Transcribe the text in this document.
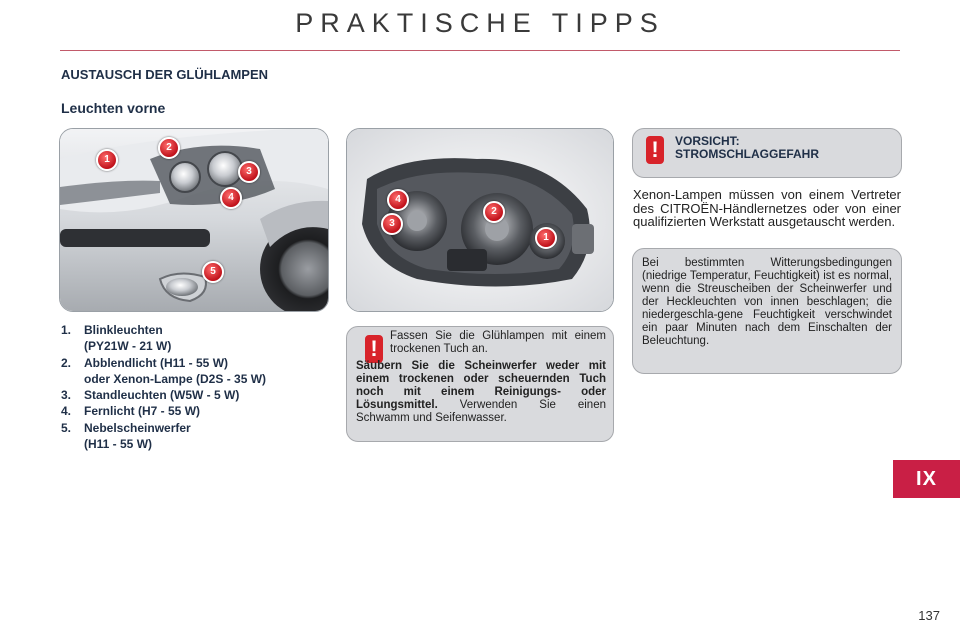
PRAKTISCHE TIPPS
AUSTAUSCH DER GLÜHLAMPEN
Leuchten vorne
1
2
3
4
5
4
3
2
1
1. Blinkleuchten
(PY21W - 21 W)
2. Abblendlicht (H11 - 55 W)
oder Xenon-Lampe (D2S - 35 W)
3. Standleuchten (W5W - 5 W)
4. Fernlicht (H7 - 55 W)
5. Nebelscheinwerfer
(H11 - 55 W)
!	Fassen Sie die Glühlampen mit einem trockenen Tuch an.
Säubern Sie die Scheinwerfer weder mit einem trockenen oder scheuernden Tuch noch mit einem Reinigungs- oder Lösungsmittel. Verwenden Sie einen Schwamm und Seifenwasser.
!	VORSICHT:
STROMSCHLAGGEFAHR
Xenon-Lampen müssen von einem Vertreter des CITROËN-Händlernetzes oder von einer qualifizierten Werkstatt ausgetauscht werden.
Bei bestimmten Witterungsbedingungen (niedrige Temperatur, Feuchtigkeit) ist es normal, wenn die Streuscheiben der Scheinwerfer und der Heckleuchten von innen beschlagen; die niedergeschla-gene Feuchtigkeit verschwindet ein paar Minuten nach dem Einschalten der Beleuchtung.
IX
137
